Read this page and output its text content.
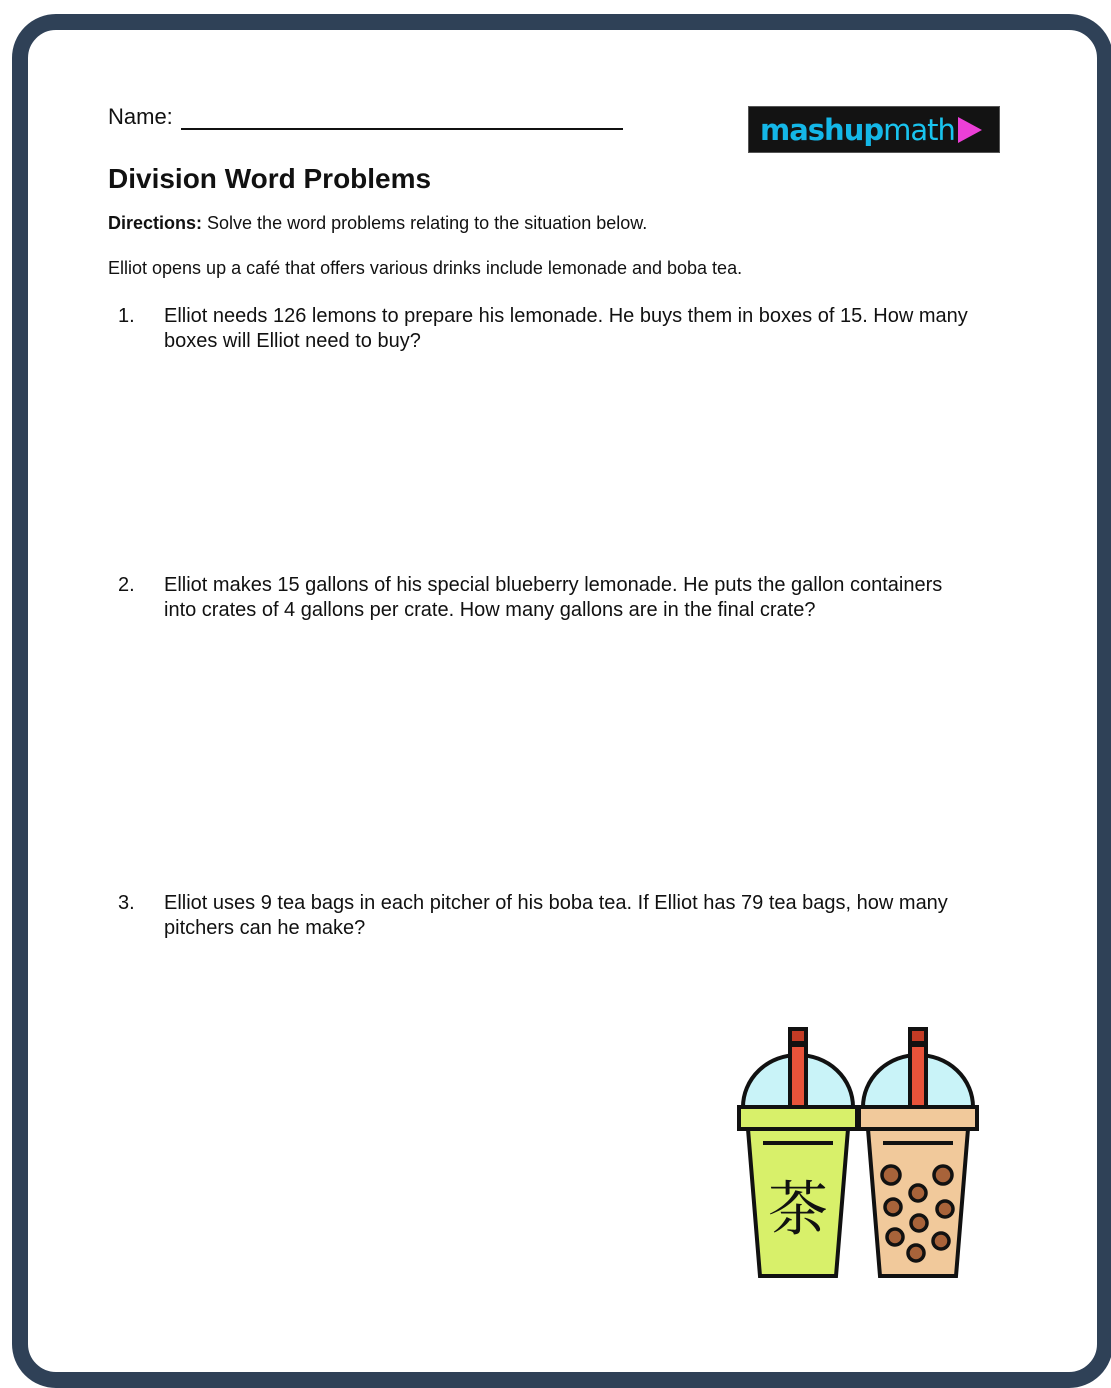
Name:	mashup math
Division Word Problems

Directions: Solve the word problems relating to the situation below.

Elliot opens up a café that offers various drinks include lemonade and boba tea.

1.	Elliot needs 126 lemons to prepare his lemonade. He buys them in boxes of 15. How many boxes will Elliot need to buy?
2.	Elliot makes 15 gallons of his special blueberry lemonade. He puts the gallon containers into crates of 4 gallons per crate. How many gallons are in the final crate?
3.	Elliot uses 9 tea bags in each pitcher of his boba tea. If Elliot has 79 tea bags, how many pitchers can he make?
茶
